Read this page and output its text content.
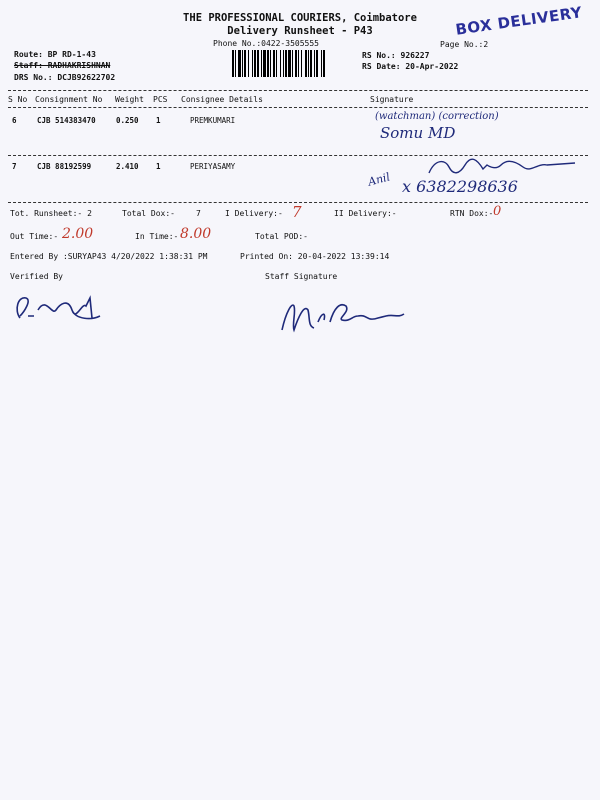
THE PROFESSIONAL COURIERS, Coimbatore
Delivery Runsheet - P43
Phone No.:0422-3505555
BOX DELIVERY
Page No.:2
Route: BP RD-1-43
Staff: RADHAKRISHNAN
DRS No.: DCJB92622702
RS No.: 926227
RS Date: 20-Apr-2022
S No Consignment No Weight PCS Consignee Details	Signature
6	CJB 514383470	0.250 1	PREMKUMARI	(watchman) (correction)
Somu MD
7	CJB 88192599	2.410 1	PERIYASAMY
Anil x 6382298636
Tot. Runsheet:- 2	Total Dox:-	7	I Delivery:- 7	II Delivery:-	RTN Dox:- 0
Out Time:- 2.00	In Time:- 8.00	Total POD:-
Entered By :SURYAP43 4/20/2022 1:38:31 PM	Printed On: 20-04-2022 13:39:14
Verified By	Staff Signature
